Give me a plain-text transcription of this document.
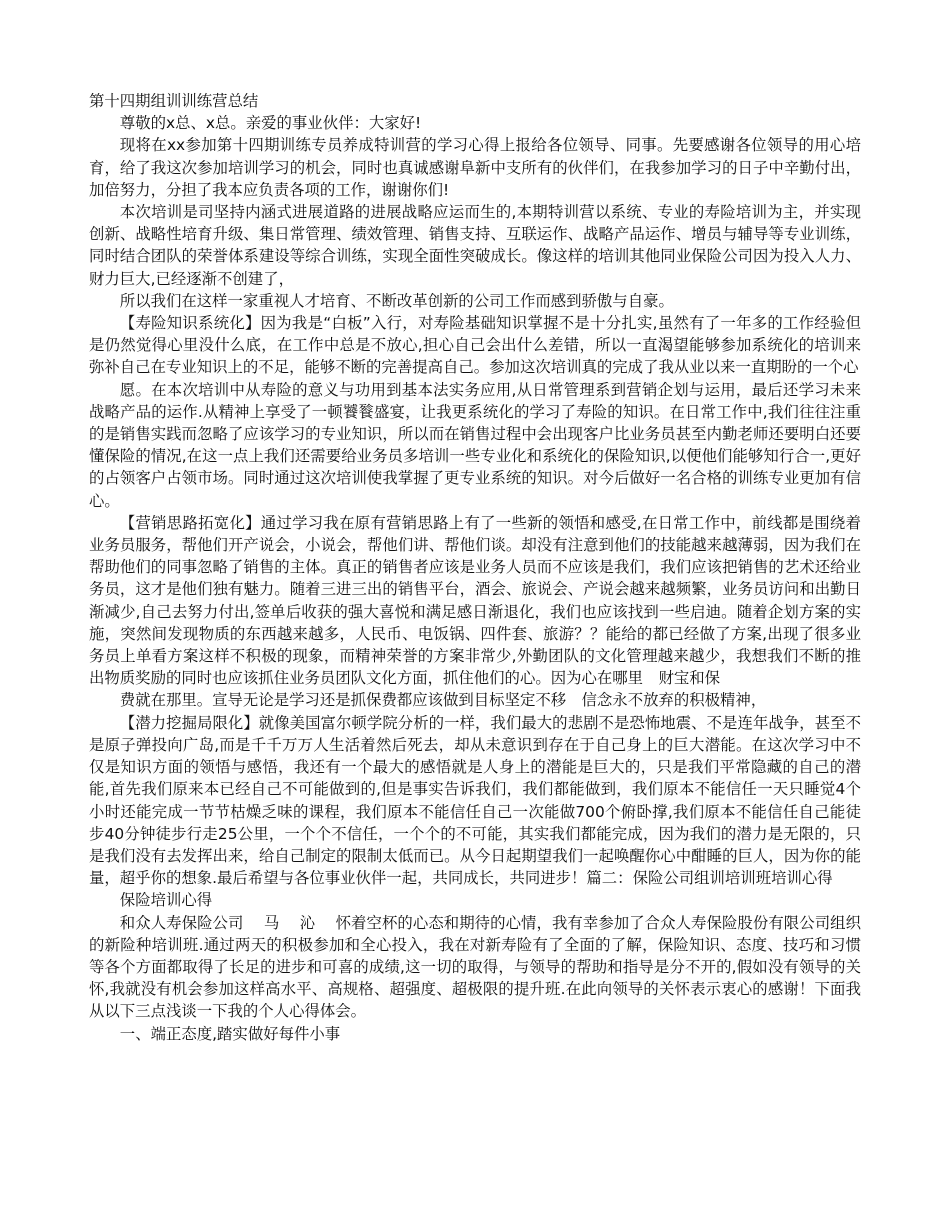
第十四期组训训练营总结

尊敬的x总、x总。亲爱的事业伙伴：大家好!

现将在xx参加第十四期训练专员养成特训营的学习心得上报给各位领导、同事。先要感谢各位领导的用心培育，给了我这次参加培训学习的机会，同时也真诚感谢阜新中支所有的伙伴们，在我参加学习的日子中辛勤付出，加倍努力，分担了我本应负责各项的工作，谢谢你们!

本次培训是司坚持内涵式进展道路的进展战略应运而生的,本期特训营以系统、专业的寿险培训为主，并实现创新、战略性培育升级、集日常管理、绩效管理、销售支持、互联运作、战略产品运作、增员与辅导等专业训练，同时结合团队的荣誉体系建设等综合训练，实现全面性突破成长。像这样的培训其他同业保险公司因为投入人力、财力巨大,已经逐渐不创建了，

所以我们在这样一家重视人才培育、不断改革创新的公司工作而感到骄傲与自豪。

【寿险知识系统化】因为我是“白板”入行，对寿险基础知识掌握不是十分扎实,虽然有了一年多的工作经验但是仍然觉得心里没什么底，在工作中总是不放心,担心自己会出什么差错，所以一直渴望能够参加系统化的培训来弥补自己在专业知识上的不足，能够不断的完善提高自己。参加这次培训真的完成了我从业以来一直期盼的一个心

愿。在本次培训中从寿险的意义与功用到基本法实务应用,从日常管理系到营销企划与运用，最后还学习未来战略产品的运作.从精神上享受了一顿饕餮盛宴，让我更系统化的学习了寿险的知识。在日常工作中,我们往往注重的是销售实践而忽略了应该学习的专业知识，所以而在销售过程中会出现客户比业务员甚至内勤老师还要明白还要懂保险的情况,在这一点上我们还需要给业务员多培训一些专业化和系统化的保险知识,以便他们能够知行合一,更好的占领客户占领市场。同时通过这次培训使我掌握了更专业系统的知识。对今后做好一名合格的训练专业更加有信心。

【营销思路拓宽化】通过学习我在原有营销思路上有了一些新的领悟和感受,在日常工作中，前线都是围绕着业务员服务，帮他们开产说会，小说会，帮他们讲、帮他们谈。却没有注意到他们的技能越来越薄弱，因为我们在帮助他们的同事忽略了销售的主体。真正的销售者应该是业务人员而不应该是我们，我们应该把销售的艺术还给业务员，这才是他们独有魅力。随着三进三出的销售平台，酒会、旅说会、产说会越来越频繁，业务员访问和出勤日渐减少,自己去努力付出,签单后收获的强大喜悦和满足感日渐退化，我们也应该找到一些启迪。随着企划方案的实施，突然间发现物质的东西越来越多，人民币、电饭锅、四件套、旅游？？能给的都已经做了方案,出现了很多业务员上单看方案这样不积极的现象，而精神荣誉的方案非常少,外勤团队的文化管理越来越少，我想我们不断的推出物质奖励的同时也应该抓住业务员团队文化方面，抓住他们的心。因为心在哪里　财宝和保

费就在那里。宣导无论是学习还是抓保费都应该做到目标坚定不移　信念永不放弃的积极精神，

【潜力挖掘局限化】就像美国富尔顿学院分析的一样，我们最大的悲剧不是恐怖地震、不是连年战争，甚至不是原子弹投向广岛,而是千千万万人生活着然后死去，却从未意识到存在于自己身上的巨大潜能。在这次学习中不仅是知识方面的领悟与感悟，我还有一个最大的感悟就是人身上的潜能是巨大的，只是我们平常隐藏的自己的潜能,首先我们原来本已经自己不可能做到的,但是事实告诉我们，我们都能做到，我们原本不能信任一天只睡觉4个小时还能完成一节节枯燥乏味的课程，我们原本不能信任自己一次能做700个俯卧撑,我们原本不能信任自己能徒步40分钟徒步行走25公里，一个个不信任，一个个的不可能，其实我们都能完成，因为我们的潜力是无限的，只是我们没有去发挥出来，给自己制定的限制太低而已。从今日起期望我们一起唤醒你心中酣睡的巨人，因为你的能量，超乎你的想象.最后希望与各位事业伙伴一起，共同成长，共同进步！篇二：保险公司组训培训班培训心得

保险培训心得

和众人寿保险公司　 马　 沁　 怀着空杯的心态和期待的心情，我有幸参加了合众人寿保险股份有限公司组织的新险种培训班.通过两天的积极参加和全心投入，我在对新寿险有了全面的了解，保险知识、态度、技巧和习惯等各个方面都取得了长足的进步和可喜的成绩,这一切的取得，与领导的帮助和指导是分不开的,假如没有领导的关怀,我就没有机会参加这样高水平、高规格、超强度、超极限的提升班.在此向领导的关怀表示衷心的感谢！下面我从以下三点浅谈一下我的个人心得体会。

一、端正态度,踏实做好每件小事
